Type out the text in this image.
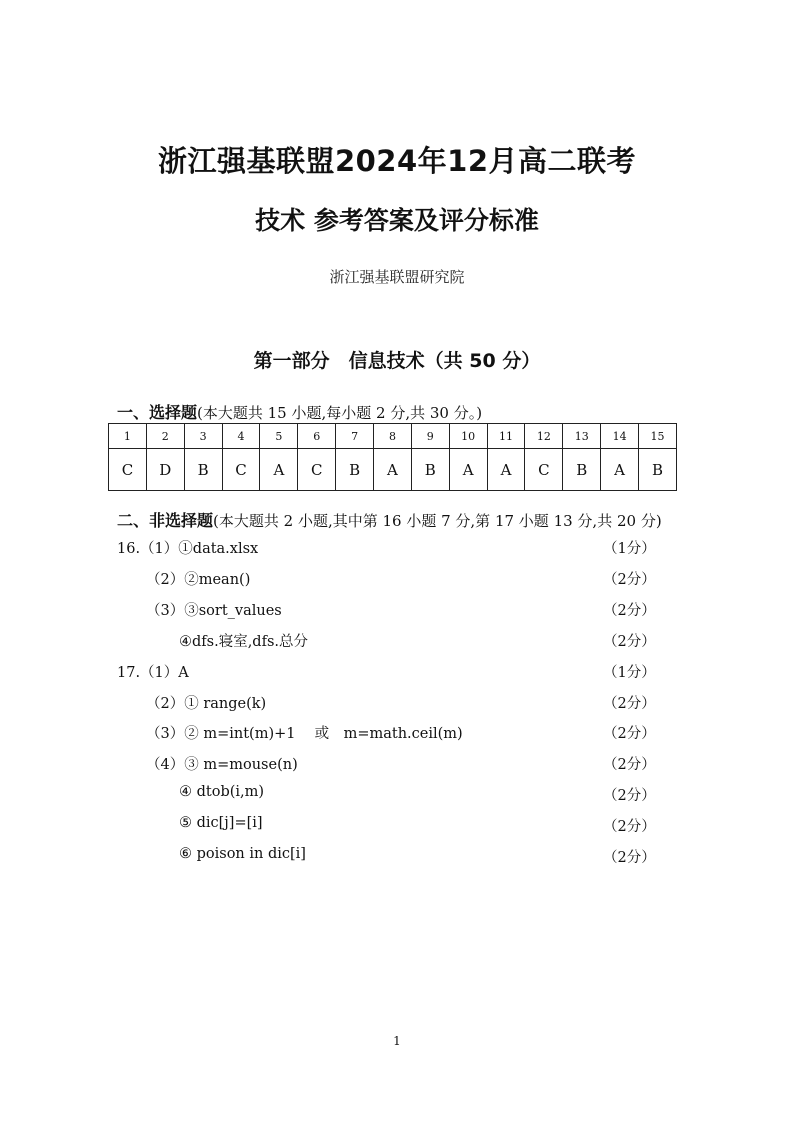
浙江强基联盟2024年12月高二联考
技术 参考答案及评分标准
浙江强基联盟研究院
第一部分　信息技术（共 50 分）
一、选择题(本大题共 15 小题,每小题 2 分,共 30 分。)
1	2	3	4	5	6	7	8	9	10	11	12	13	14	15
C	D	B	C	A	C	B	A	B	A	A	C	B	A	B
二、非选择题(本大题共 2 小题,其中第 16 小题 7 分,第 17 小题 13 分,共 20 分)
16.（1）①data.xlsx	（1分）
（2）②mean()	（2分）
（3）③sort_values	（2分）
④dfs.寝室,dfs.总分	（2分）
17.（1）A	（1分）
（2）① range(k)	（2分）
（3）② m=int(m)+1　 或　m=math.ceil(m)	（2分）
（4）③ m=mouse(n)	（2分）
④ dtob(i,m)	（2分）
⑤ dic[j]=[i]	（2分）
⑥ poison in dic[i]	（2分）
1
